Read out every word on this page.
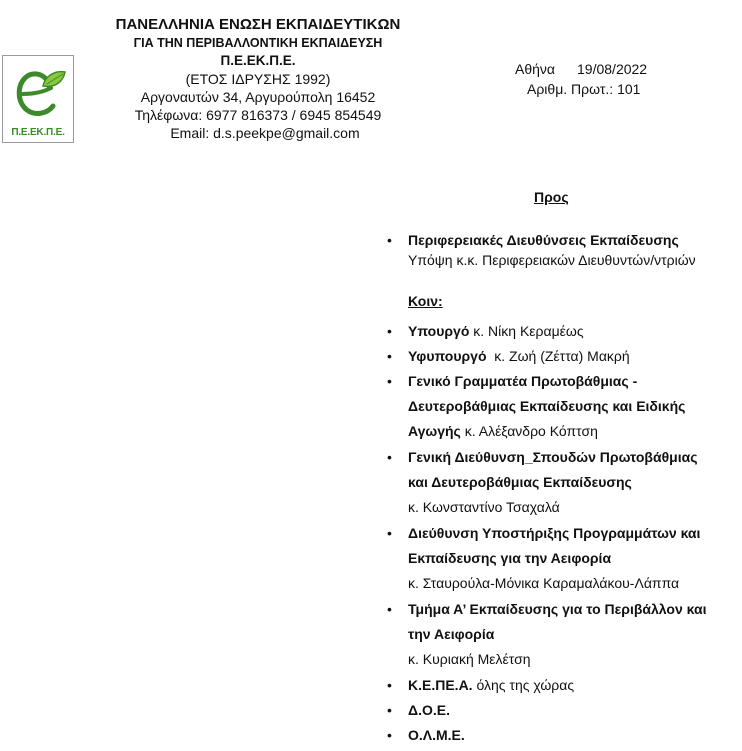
Π.Ε.ΕΚ.Π.Ε.
ΠΑΝΕΛΛΗΝΙΑ ΕΝΩΣΗ ΕΚΠΑΙΔΕΥΤΙΚΩΝ
ΓΙΑ ΤΗΝ ΠΕΡΙΒΑΛΛΟΝΤΙΚΗ ΕΚΠΑΙΔΕΥΣΗ
Π.Ε.ΕΚ.Π.Ε.
(ΕΤΟΣ ΙΔΡΥΣΗΣ 1992)
Αργοναυτών 34, Αργυρούπολη 16452
Τηλέφωνα: 6977 816373 / 6945 854549
Email: d.s.peekpe@gmail.com
Αθήνα 19/08/2022
Αριθμ. Πρωτ.: 101
Προς
• Περιφερειακές Διευθύνσεις Εκπαίδευσης
Υπόψη κ.κ. Περιφερειακών Διευθυντών/ντριών
Κοιν:
• Υπουργό κ. Νίκη Κεραμέως
• Υφυπουργό  κ. Ζωή (Ζέττα) Μακρή
• Γενικό Γραμματέα Πρωτοβάθμιας -
Δευτεροβάθμιας Εκπαίδευσης και Ειδικής
Αγωγής κ. Αλέξανδρο Κόπτση
• Γενική Διεύθυνση_Σπουδών Πρωτοβάθμιας
και Δευτεροβάθμιας Εκπαίδευσης
κ. Κωνσταντίνο Τσαχαλά
• Διεύθυνση Υποστήριξης Προγραμμάτων και
Εκπαίδευσης για την Αειφορία
κ. Σταυρούλα-Μόνικα Καραμαλάκου-Λάππα
• Τμήμα Α’ Εκπαίδευσης για το Περιβάλλον και
την Αειφορία
κ. Κυριακή Μελέτση
• Κ.Ε.ΠΕ.Α. όλης της χώρας
• Δ.Ο.Ε.
• Ο.Λ.Μ.Ε.
